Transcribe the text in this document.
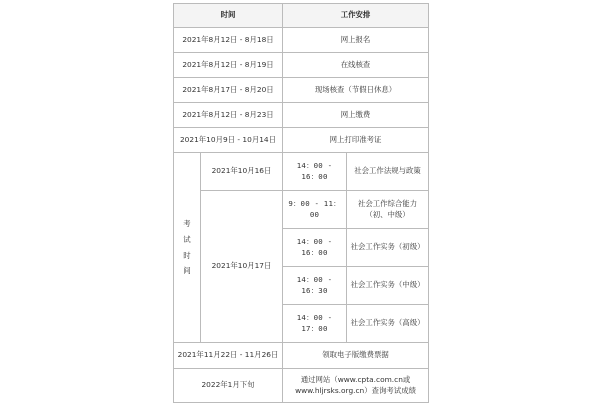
时间		工作安排	
2021年8月12日 - 8月18日		网上报名	
2021年8月12日 - 8月19日		在线核查	
2021年8月17日 - 8月20日		现场核查（节假日休息）	
2021年8月12日 - 8月23日		网上缴费	
2021年10月9日 - 10月14日		网上打印准考证	
考试时间	2021年10月16日	14：00 - 16：00	社会工作法规与政策
	2021年10月17日	9：00 - 11：00	社会工作综合能力（初、中级）
		14：00 - 16：00	社会工作实务（初级）
		14：00 - 16：30	社会工作实务（中级）
		14：00 - 17：00	社会工作实务（高级）
2021年11月22日 - 11月26日		领取电子版缴费票据	
2022年1月下旬		通过网站（www.cpta.com.cn或www.hljrsks.org.cn）查询考试成绩	
